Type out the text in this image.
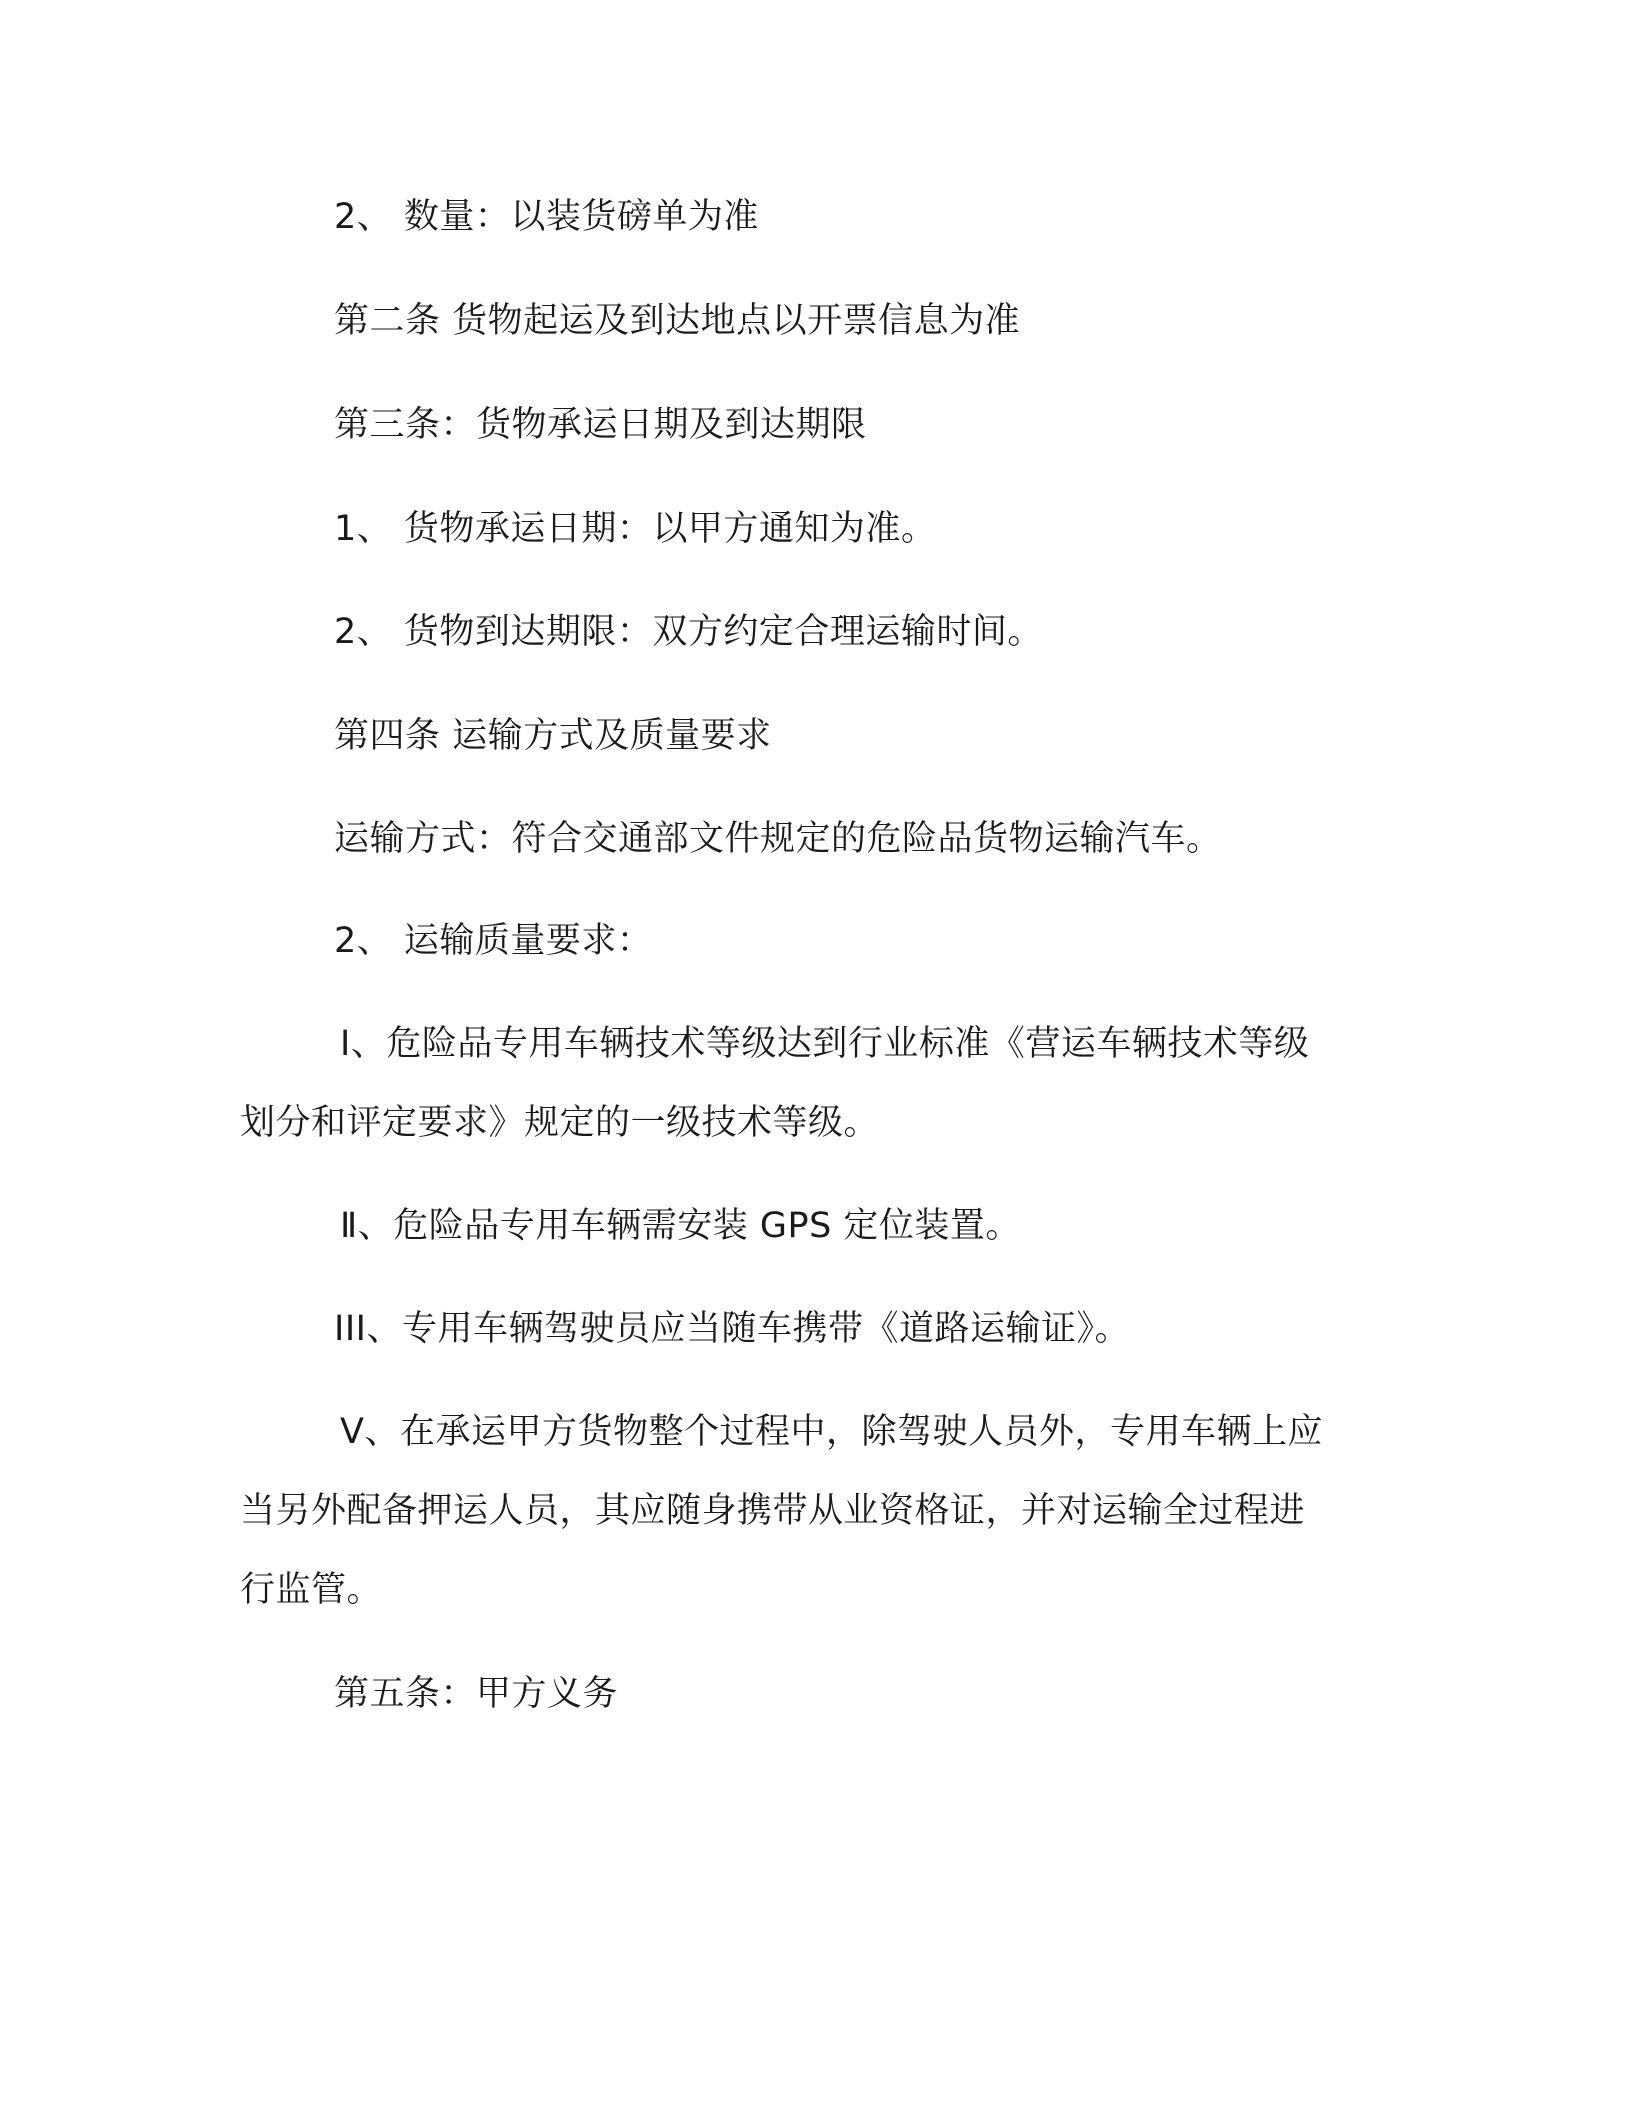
2、 数量：以装货磅单为准
第二条 货物起运及到达地点以开票信息为准
第三条：货物承运日期及到达期限
1、 货物承运日期：以甲方通知为准。
2、 货物到达期限：双方约定合理运输时间。
第四条 运输方式及质量要求
运输方式：符合交通部文件规定的危险品货物运输汽车。
2、 运输质量要求：
Ⅰ、危险品专用车辆技术等级达到行业标准《营运车辆技术等级
划分和评定要求》规定的一级技术等级。
Ⅱ、危险品专用车辆需安装 GPS 定位装置。
III、专用车辆驾驶员应当随车携带《道路运输证》。
Ⅴ、在承运甲方货物整个过程中，除驾驶人员外，专用车辆上应
当另外配备押运人员，其应随身携带从业资格证，并对运输全过程进
行监管。
第五条：甲方义务
